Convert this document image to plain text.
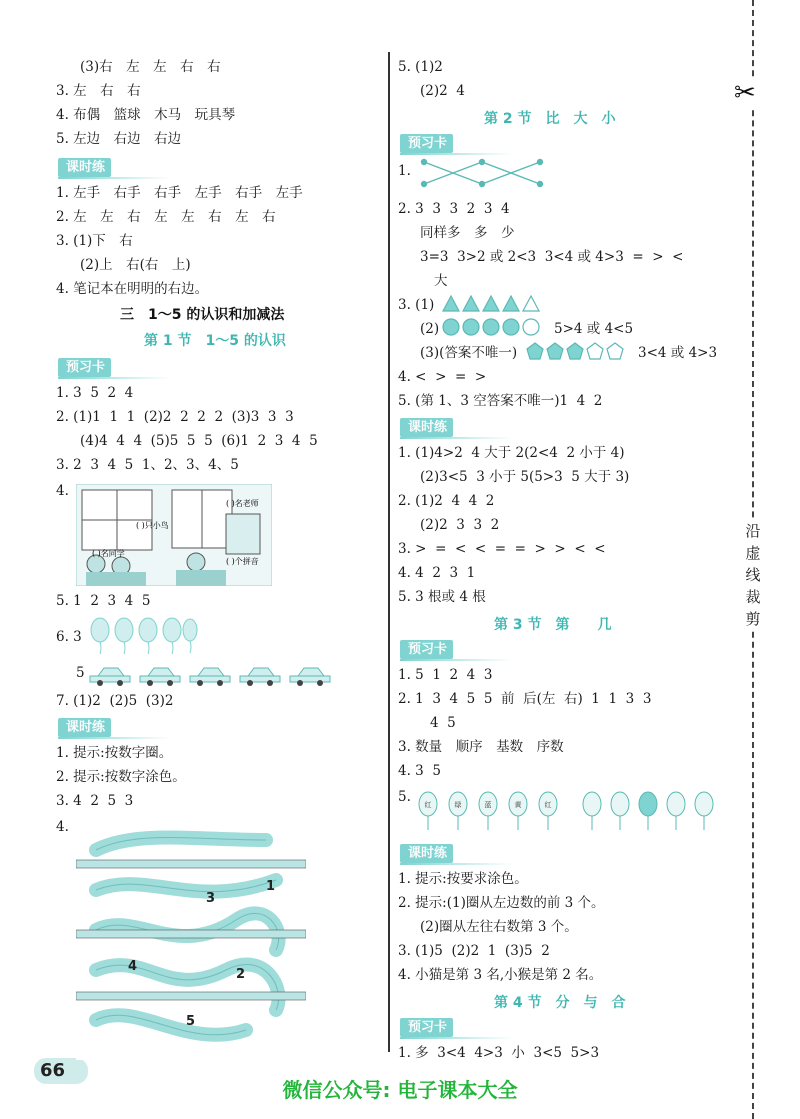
✂
沿虚线裁剪
(3)右　左　左　右　右
3. 左　右　右
4. 布偶　篮球　木马　玩具琴
5. 左边　右边　右边
课时练
1. 左手　右手　右手　左手　右手　左手
2. 左　左　右　左　左　右　左　右
3. (1)下　右
(2)上　右(右　上)
4. 笔记本在明明的右边。
三　1～5 的认识和加减法
第 1 节　1～5 的认识
预习卡
1. 3  5  2  4
2. (1)1  1  1  (2)2  2  2  2  (3)3  3  3
(4)4  4  4  (5)5  5  5  (6)1  2  3  4  5
3. 2  3  4  5  1、2、3、4、5
4.
( )名老师
( )只小鸟
( )名同学
( )个拼音
5. 1  2  3  4  5
6. 3
5
7. (1)2  (2)5  (3)2
课时练
1. 提示:按数字圈。
2. 提示:按数字涂色。
3. 4  2  5  3
4.
1
2
3
4
5
5. (1)2
(2)2  4
第 2 节　比　大　小
预习卡
1.
2. 3  3  3  2  3  4
同样多　多　少
3=3  3>2 或 2<3  3<4 或 4>3  =  >  <
大
3. (1)
(2)	5>4 或 4<5
(3)(答案不唯一)	3<4 或 4>3
4. <  >  =  >
5. (第 1、3 空答案不唯一)1  4  2
课时练
1. (1)4>2  4 大于 2(2<4  2 小于 4)
(2)3<5  3 小于 5(5>3  5 大于 3)
2. (1)2  4  4  2
(2)2  3  3  2
3. >  =  <  <  =  =  >  >  <  <
4. 4  2  3  1
5. 3 根或 4 根
第 3 节　第　　几
预习卡
1. 5  1  2  4  3
2. 1  3  4  5  5  前  后(左  右)  1  1  3  3
4  5
3. 数量　顺序　基数　序数
4. 3  5
5. 红	绿	蓝	黄	红
课时练
1. 提示:按要求涂色。
2. 提示:(1)圈从左边数的前 3 个。
(2)圈从左往右数第 3 个。
3. (1)5  (2)2  1  (3)5  2
4. 小猫是第 3 名,小猴是第 2 名。
第 4 节　分　与　合
预习卡
1. 多  3<4  4>3  小  3<5  5>3
66
微信公众号: 电子课本大全
